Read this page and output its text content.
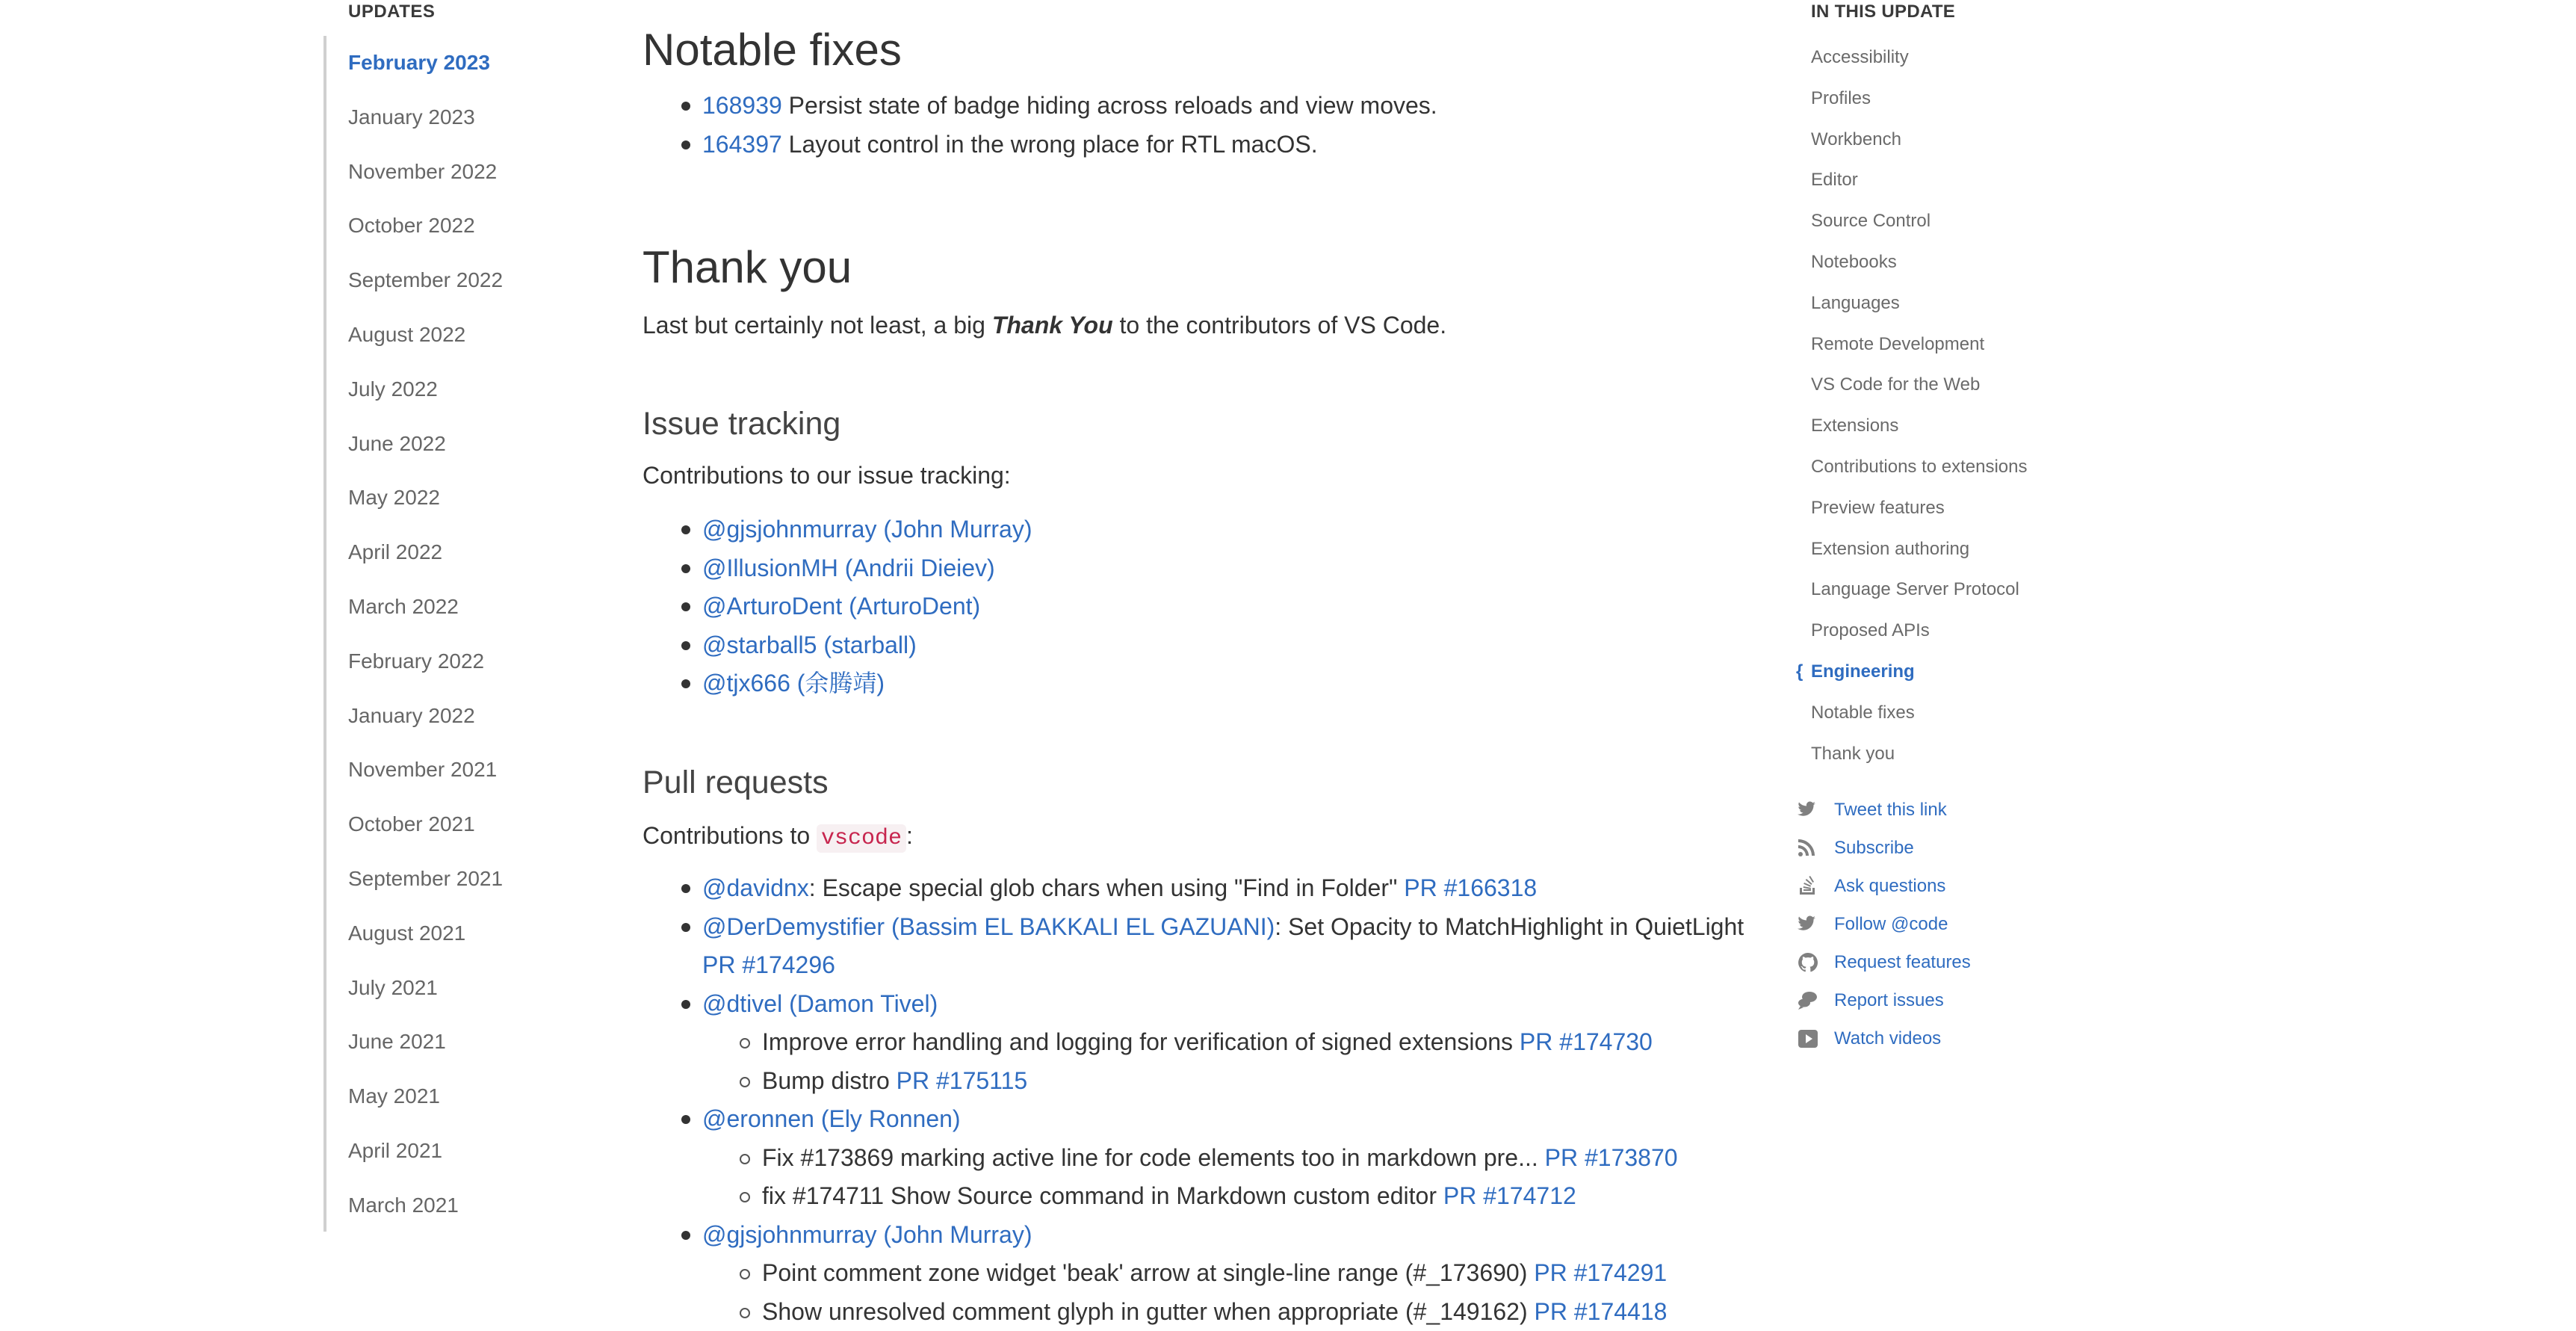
UPDATES
February 2023
January 2023
November 2022
October 2022
September 2022
August 2022
July 2022
June 2022
May 2022
April 2022
March 2022
February 2022
January 2022
November 2021
October 2021
September 2021
August 2021
July 2021
June 2021
May 2021
April 2021
March 2021
Notable fixes
168939 Persist state of badge hiding across reloads and view moves.
164397 Layout control in the wrong place for RTL macOS.
Thank you
Last but certainly not least, a big Thank You to the contributors of VS Code.
Issue tracking
Contributions to our issue tracking:
@gjsjohnmurray (John Murray)
@IllusionMH (Andrii Dieiev)
@ArturoDent (ArturoDent)
@starball5 (starball)
@tjx666 (余腾靖)
Pull requests
Contributions to vscode :
@davidnx: Escape special glob chars when using "Find in Folder" PR #166318
@DerDemystifier (Bassim EL BAKKALI EL GAZUANI): Set Opacity to MatchHighlight in QuietLight PR #174296
@dtivel (Damon Tivel)
Improve error handling and logging for verification of signed extensions PR #174730
Bump distro PR #175115
@eronnen (Ely Ronnen)
Fix #173869 marking active line for code elements too in markdown pre... PR #173870
fix #174711 Show Source command in Markdown custom editor PR #174712
@gjsjohnmurray (John Murray)
Point comment zone widget 'beak' arrow at single-line range (#_173690) PR #174291
Show unresolved comment glyph in gutter when appropriate (#_149162) PR #174418
IN THIS UPDATE
Accessibility
Profiles
Workbench
Editor
Source Control
Notebooks
Languages
Remote Development
VS Code for the Web
Extensions
Contributions to extensions
Preview features
Extension authoring
Language Server Protocol
Proposed APIs
{ Engineering
Notable fixes
Thank you
Tweet this link
Subscribe
Ask questions
Follow @code
Request features
Report issues
Watch videos
